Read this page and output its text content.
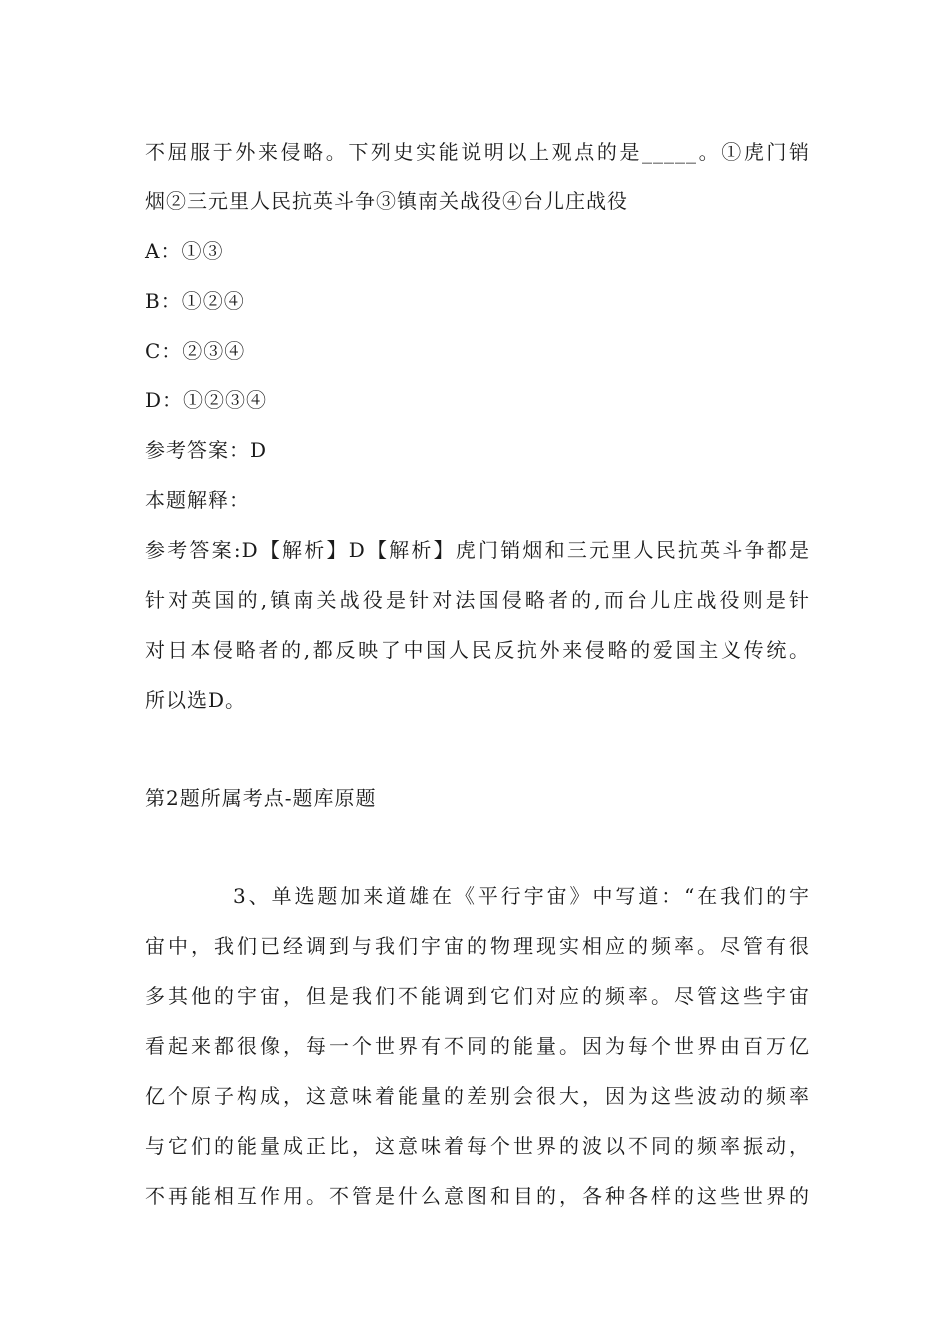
不屈服于外来侵略。下列史实能说明以上观点的是_____。①虎门销
烟②三元里人民抗英斗争③镇南关战役④台儿庄战役
A：①③
B：①②④
C：②③④
D：①②③④
参考答案：D
本题解释：
参考答案:D【解析】D【解析】虎门销烟和三元里人民抗英斗争都是
针对英国的,镇南关战役是针对法国侵略者的,而台儿庄战役则是针
对日本侵略者的,都反映了中国人民反抗外来侵略的爱国主义传统。
所以选D。
第2题所属考点-题库原题
3、单选题加来道雄在《平行宇宙》中写道：“在我们的宇
宙中，我们已经调到与我们宇宙的物理现实相应的频率。尽管有很
多其他的宇宙，但是我们不能调到它们对应的频率。尽管这些宇宙
看起来都很像，每一个世界有不同的能量。因为每个世界由百万亿
亿个原子构成，这意味着能量的差别会很大，因为这些波动的频率
与它们的能量成正比，这意味着每个世界的波以不同的频率振动，
不再能相互作用。不管是什么意图和目的，各种各样的这些世界的
